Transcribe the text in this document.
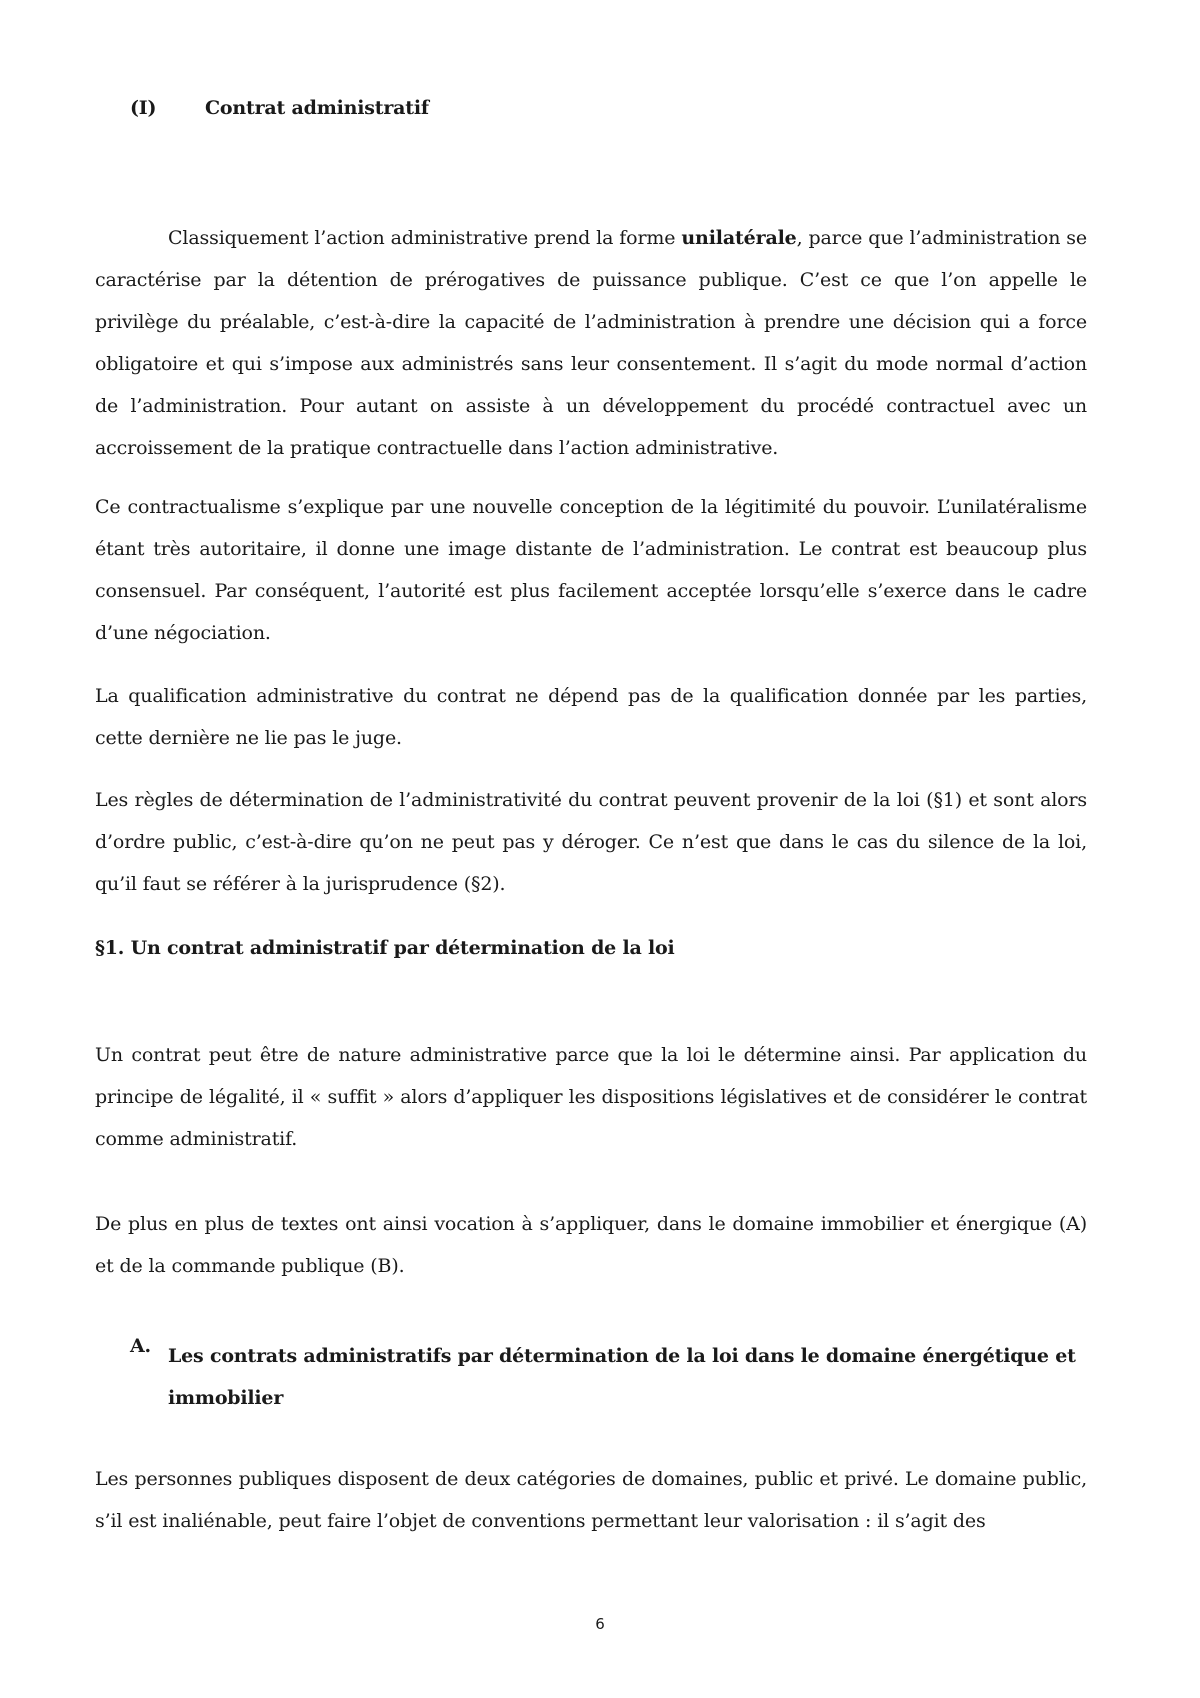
(I)	Contrat administratif
Classiquement l’action administrative prend la forme unilatérale, parce que l’administration se caractérise par la détention de prérogatives de puissance publique. C’est ce que l’on appelle le privilège du préalable, c’est-à-dire la capacité de l’administration à prendre une décision qui a force obligatoire et qui s’impose aux administrés sans leur consentement. Il s’agit du mode normal d’action de l’administration. Pour autant on assiste à un développement du procédé contractuel avec un accroissement de la pratique contractuelle dans l’action administrative.
Ce contractualisme s’explique par une nouvelle conception de la légitimité du pouvoir. L’unilatéralisme étant très autoritaire, il donne une image distante de l’administration. Le contrat est beaucoup plus consensuel. Par conséquent, l’autorité est plus facilement acceptée lorsqu’elle s’exerce dans le cadre d’une négociation.
La qualification administrative du contrat ne dépend pas de la qualification donnée par les parties, cette dernière ne lie pas le juge.
Les règles de détermination de l’administrativité du contrat peuvent provenir de la loi (§1) et sont alors d’ordre public, c’est-à-dire qu’on ne peut pas y déroger. Ce n’est que dans le cas du silence de la loi, qu’il faut se référer à la jurisprudence (§2).
§1. Un contrat administratif par détermination de la loi
Un contrat peut être de nature administrative parce que la loi le détermine ainsi. Par application du principe de légalité, il « suffit » alors d’appliquer les dispositions législatives et de considérer le contrat comme administratif.
De plus en plus de textes ont ainsi vocation à s’appliquer, dans le domaine immobilier et énergique (A) et de la commande publique (B).
A. Les contrats administratifs par détermination de la loi dans le domaine énergétique et immobilier
Les personnes publiques disposent de deux catégories de domaines, public et privé. Le domaine public, s’il est inaliénable, peut faire l’objet de conventions permettant leur valorisation : il s’agit des
6
